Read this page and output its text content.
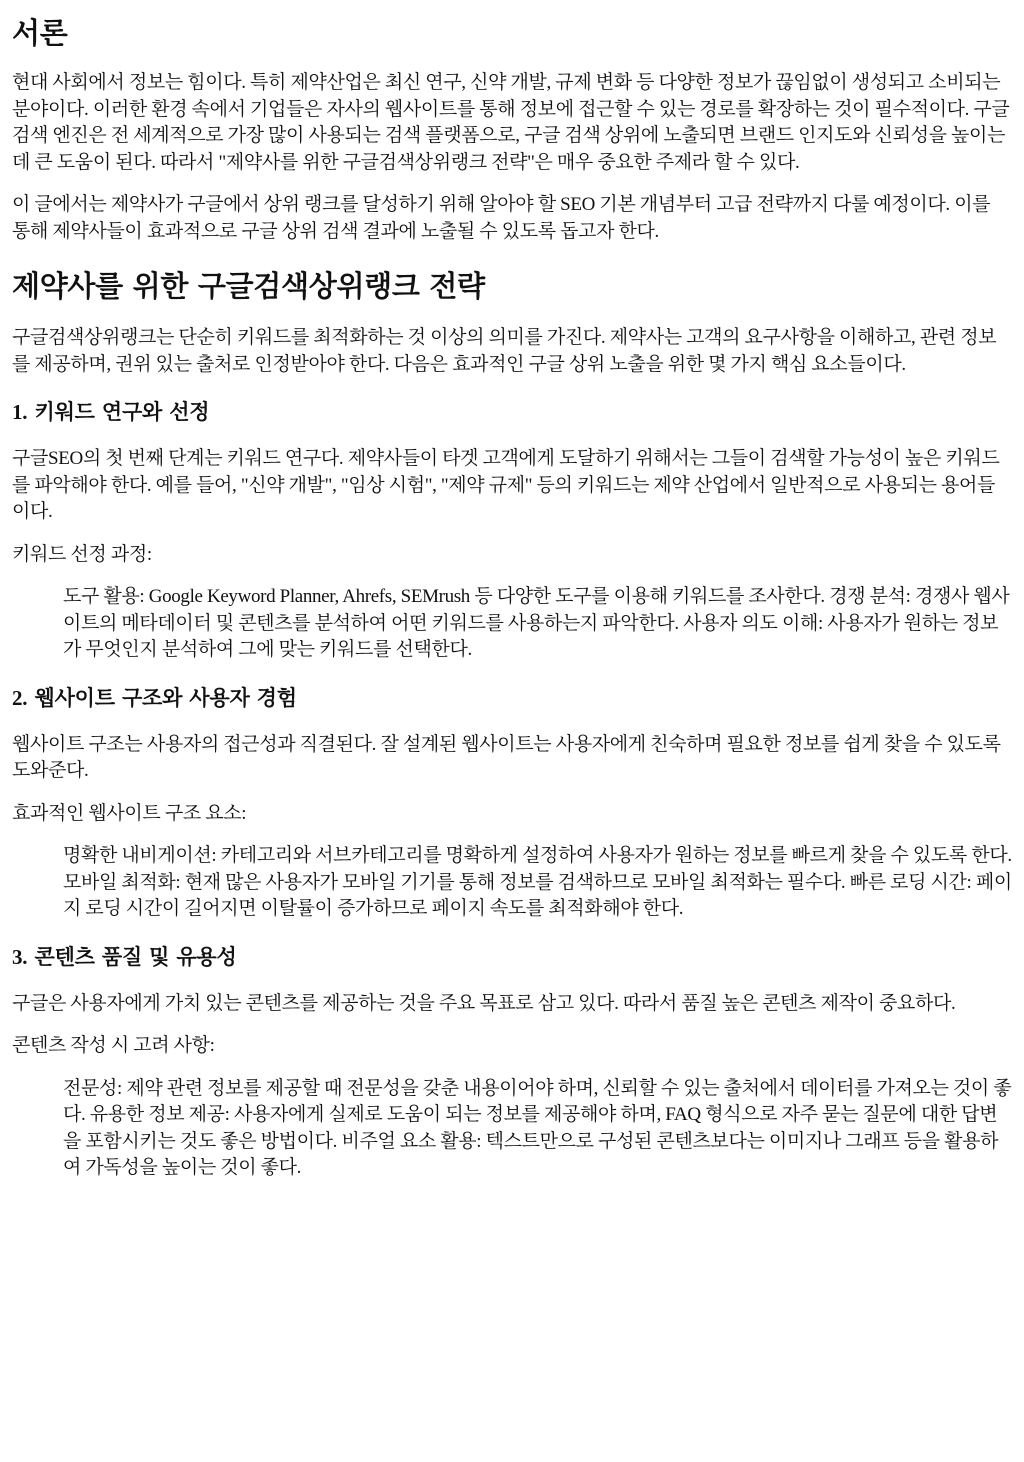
서론

현대 사회에서 정보는 힘이다. 특히 제약산업은 최신 연구, 신약 개발, 규제 변화 등 다양한 정보가 끊임없이 생성되고 소비되는 분야이다. 이러한 환경 속에서 기업들은 자사의 웹사이트를 통해 정보에 접근할 수 있는 경로를 확장하는 것이 필수적이다. 구글 검색 엔진은 전 세계적으로 가장 많이 사용되는 검색 플랫폼으로, 구글 검색 상위에 노출되면 브랜드 인지도와 신뢰성을 높이는 데 큰 도움이 된다. 따라서 "제약사를 위한 구글검색상위랭크 전략"은 매우 중요한 주제라 할 수 있다.

이 글에서는 제약사가 구글에서 상위 랭크를 달성하기 위해 알아야 할 SEO 기본 개념부터 고급 전략까지 다룰 예정이다. 이를 통해 제약사들이 효과적으로 구글 상위 검색 결과에 노출될 수 있도록 돕고자 한다.

제약사를 위한 구글검색상위랭크 전략

구글검색상위랭크는 단순히 키워드를 최적화하는 것 이상의 의미를 가진다. 제약사는 고객의 요구사항을 이해하고, 관련 정보를 제공하며, 권위 있는 출처로 인정받아야 한다. 다음은 효과적인 구글 상위 노출을 위한 몇 가지 핵심 요소들이다.

1. 키워드 연구와 선정

구글SEO의 첫 번째 단계는 키워드 연구다. 제약사들이 타겟 고객에게 도달하기 위해서는 그들이 검색할 가능성이 높은 키워드를 파악해야 한다. 예를 들어, "신약 개발", "임상 시험", "제약 규제" 등의 키워드는 제약 산업에서 일반적으로 사용되는 용어들이다.

키워드 선정 과정:

도구 활용: Google Keyword Planner, Ahrefs, SEMrush 등 다양한 도구를 이용해 키워드를 조사한다. 경쟁 분석: 경쟁사 웹사이트의 메타데이터 및 콘텐츠를 분석하여 어떤 키워드를 사용하는지 파악한다. 사용자 의도 이해: 사용자가 원하는 정보가 무엇인지 분석하여 그에 맞는 키워드를 선택한다.

2. 웹사이트 구조와 사용자 경험

웹사이트 구조는 사용자의 접근성과 직결된다. 잘 설계된 웹사이트는 사용자에게 친숙하며 필요한 정보를 쉽게 찾을 수 있도록 도와준다.

효과적인 웹사이트 구조 요소:

명확한 내비게이션: 카테고리와 서브카테고리를 명확하게 설정하여 사용자가 원하는 정보를 빠르게 찾을 수 있도록 한다. 모바일 최적화: 현재 많은 사용자가 모바일 기기를 통해 정보를 검색하므로 모바일 최적화는 필수다. 빠른 로딩 시간: 페이지 로딩 시간이 길어지면 이탈률이 증가하므로 페이지 속도를 최적화해야 한다.

3. 콘텐츠 품질 및 유용성

구글은 사용자에게 가치 있는 콘텐츠를 제공하는 것을 주요 목표로 삼고 있다. 따라서 품질 높은 콘텐츠 제작이 중요하다.

콘텐츠 작성 시 고려 사항:

전문성: 제약 관련 정보를 제공할 때 전문성을 갖춘 내용이어야 하며, 신뢰할 수 있는 출처에서 데이터를 가져오는 것이 좋다. 유용한 정보 제공: 사용자에게 실제로 도움이 되는 정보를 제공해야 하며, FAQ 형식으로 자주 묻는 질문에 대한 답변을 포함시키는 것도 좋은 방법이다. 비주얼 요소 활용: 텍스트만으로 구성된 콘텐츠보다는 이미지나 그래프 등을 활용하여 가독성을 높이는 것이 좋다.
